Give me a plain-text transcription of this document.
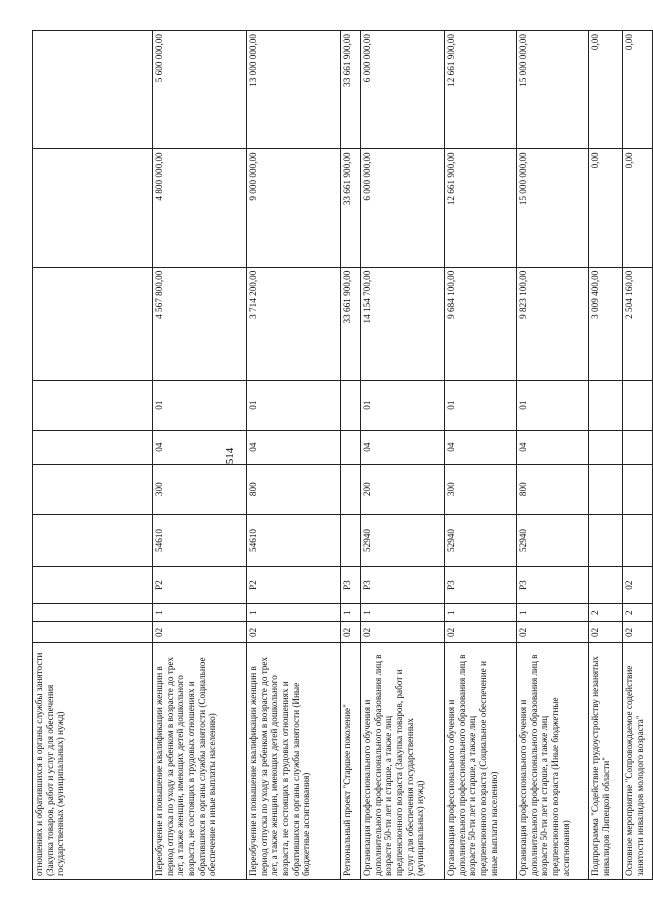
514
отношениях и обратившихся в органы службы занятости (Закупка товаров, работ и услуг для обеспечения государственных (муниципальных) нужд)										
Переобучение и повышение квалификации женщин в период отпуска по уходу за ребенком в возрасте до трех лет, а также женщин, имеющих детей дошкольного возраста, не состоящих в трудовых отношениях и обратившихся в органы службы занятости (Социальное обеспечение и иные выплаты населению)	02	1	P2	54610	300	04	01	4 567 800,00	4 800 000,00	5 600 000,00
Переобучение и повышение квалификации женщин в период отпуска по уходу за ребенком в возрасте до трех лет, а также женщин, имеющих детей дошкольного возраста, не состоящих в трудовых отношениях и обратившихся в органы службы занятости (Иные бюджетные ассигнования)	02	1	P2	54610	800	04	01	3 714 200,00	9 000 000,00	13 000 000,00
Региональный проект "Старшее поколение"	02	1	P3					33 661 900,00	33 661 900,00	33 661 900,00
Организация профессионального обучения и дополнительного профессионального образования лиц в возрасте 50-ти лет и старше, а также лиц предпенсионного возраста (Закупка товаров, работ и услуг для обеспечения государственных (муниципальных) нужд)	02	1	P3	52940	200	04	01	14 154 700,00	6 000 000,00	6 000 000,00
Организация профессионального обучения и дополнительного профессионального образования лиц в возрасте 50-ти лет и старше, а также лиц предпенсионного возраста (Социальное обеспечение и иные выплаты населению)	02	1	P3	52940	300	04	01	9 684 100,00	12 661 900,00	12 661 900,00
Организация профессионального обучения и дополнительного профессионального образования лиц в возрасте 50-ти лет и старше, а также лиц предпенсионного возраста (Иные бюджетные ассигнования)	02	1	P3	52940	800	04	01	9 823 100,00	15 000 000,00	15 000 000,00
Подпрограмма "Содействие трудоустройству незанятых инвалидов Липецкой области"	02	2						3 009 400,00	0,00	0,00
Основное мероприятие "Сопровождаемое содействие занятости инвалидов молодого возраста"	02	2	02					2 504 160,00	0,00	0,00
